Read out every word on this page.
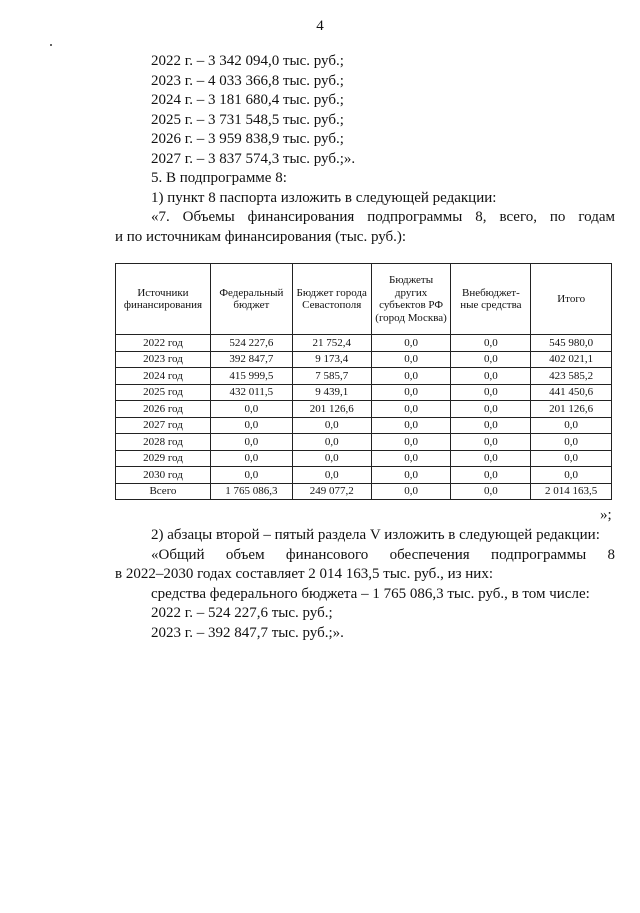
4
2022 г. – 3 342 094,0 тыс. руб.;
2023 г. – 4 033 366,8 тыс. руб.;
2024 г. – 3 181 680,4 тыс. руб.;
2025 г. – 3 731 548,5 тыс. руб.;
2026 г. – 3 959 838,9 тыс. руб.;
2027 г. – 3 837 574,3 тыс. руб.;».
5. В подпрограмме 8:
1) пункт 8 паспорта изложить в следующей редакции:
«7. Объемы финансирования подпрограммы 8, всего, по годам
и по источникам финансирования (тыс. руб.):
Источники финансирования	Федеральный бюджет	Бюджет города Севастополя	Бюджеты других субъектов РФ (город Москва)	Внебюджет-ные средства	Итого
2022 год	524 227,6	21 752,4	0,0	0,0	545 980,0
2023 год	392 847,7	9 173,4	0,0	0,0	402 021,1
2024 год	415 999,5	7 585,7	0,0	0,0	423 585,2
2025 год	432 011,5	9 439,1	0,0	0,0	441 450,6
2026 год	0,0	201 126,6	0,0	0,0	201 126,6
2027 год	0,0	0,0	0,0	0,0	0,0
2028 год	0,0	0,0	0,0	0,0	0,0
2029 год	0,0	0,0	0,0	0,0	0,0
2030 год	0,0	0,0	0,0	0,0	0,0
Всего	1 765 086,3	249 077,2	0,0	0,0	2 014 163,5
»;
2) абзацы второй – пятый раздела V изложить в следующей редакции:
«Общий объем финансового обеспечения подпрограммы 8
в 2022–2030 годах составляет 2 014 163,5 тыс. руб., из них:
средства федерального бюджета – 1 765 086,3 тыс. руб., в том числе:
2022 г. – 524 227,6 тыс. руб.;
2023 г. – 392 847,7 тыс. руб.;».
